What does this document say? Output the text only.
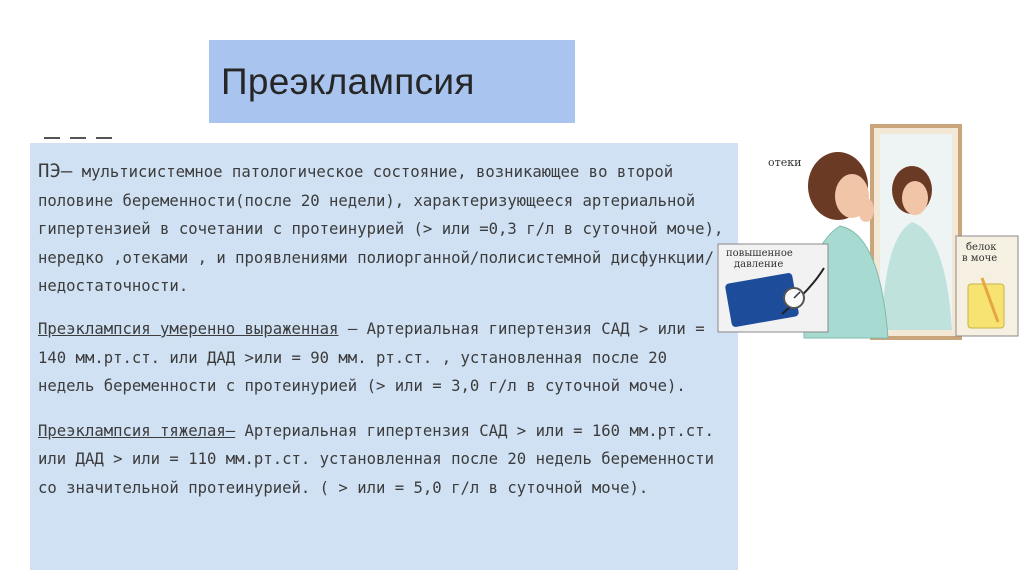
Преэклампсия

ПЭ– мультисистемное патологическое состояние, возникающее во второй половине беременности(после 20 недели), характеризующееся артериальной гипертензией в сочетании с протеинурией (> или =0,3 г/л в суточной моче), нередко ,отеками , и проявлениями полиорганной/полисистемной дисфункции/недостаточности.

Преэклампсия умеренно выраженная – Артериальная гипертензия САД > или = 140 мм.рт.ст. или ДАД >или = 90 мм. рт.ст. , установленная после 20 недель беременности с протеинурией (> или = 3,0 г/л в суточной моче).

Преэклампсия тяжелая– Артериальная гипертензия САД > или = 160 мм.рт.ст. или ДАД > или = 110 мм.рт.ст. установленная после 20 недель беременности со значительной протеинурией. ( > или = 5,0 г/л в суточной моче).

отеки
повышенное
давление
белок
в моче
